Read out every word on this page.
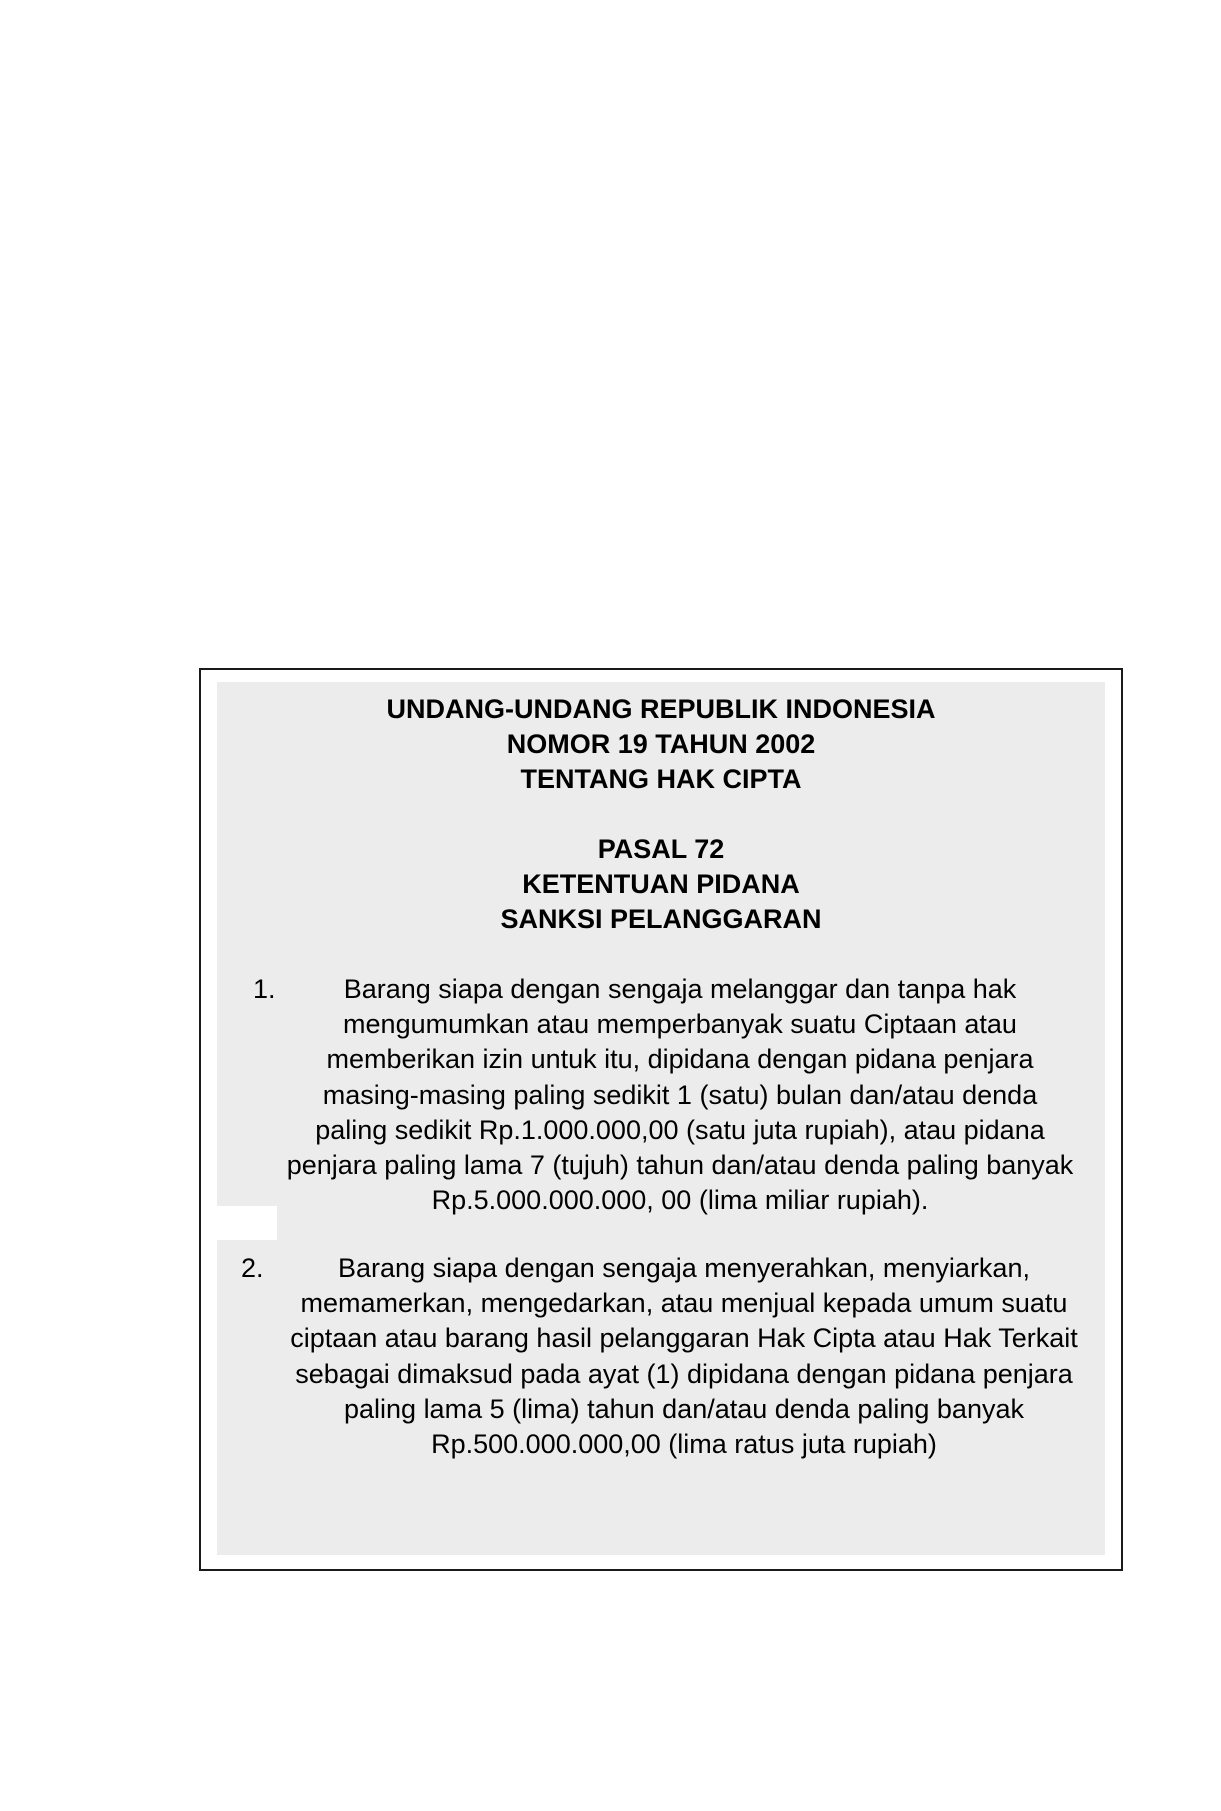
UNDANG-UNDANG REPUBLIK INDONESIA
NOMOR 19 TAHUN 2002
TENTANG HAK CIPTA
PASAL 72
KETENTUAN PIDANA
SANKSI PELANGGARAN
1.	Barang siapa dengan sengaja melanggar dan tanpa hak mengumumkan atau memperbanyak suatu Ciptaan atau memberikan izin untuk itu, dipidana dengan pidana penjara masing-masing paling sedikit 1 (satu) bulan dan/atau denda paling sedikit Rp.1.000.000,00 (satu juta rupiah), atau pidana penjara paling lama 7 (tujuh) tahun dan/atau denda paling banyak Rp.5.000.000.000, 00 (lima miliar rupiah).

2.	Barang siapa dengan sengaja menyerahkan, menyiarkan, memamerkan, mengedarkan, atau menjual kepada umum suatu ciptaan atau barang hasil pelanggaran Hak Cipta atau Hak Terkait sebagai dimaksud pada ayat (1) dipidana dengan pidana penjara paling lama 5 (lima) tahun dan/atau denda paling banyak Rp.500.000.000,00 (lima ratus juta rupiah)
